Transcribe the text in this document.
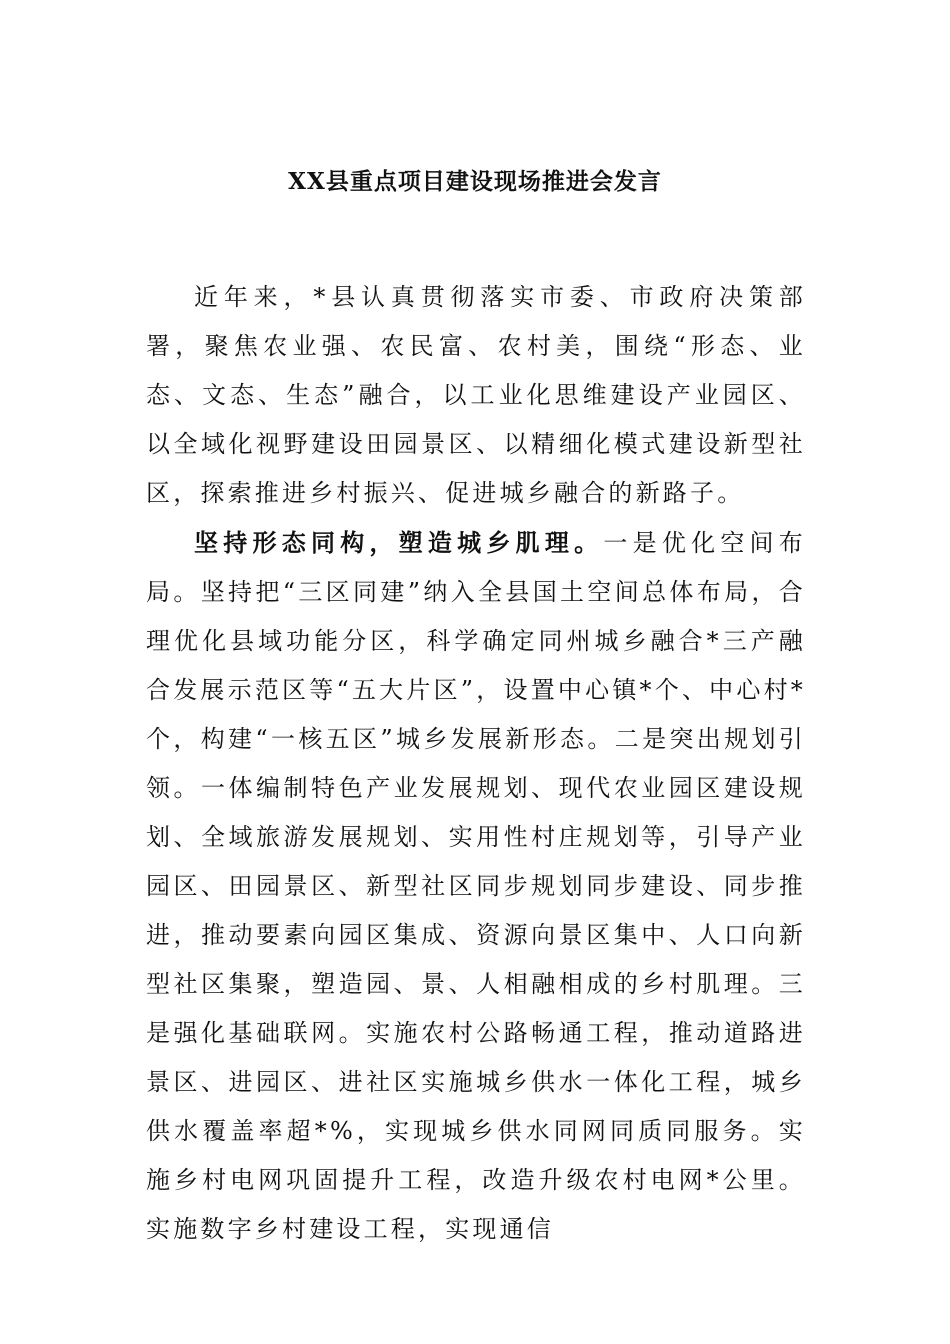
XX县重点项目建设现场推进会发言

近年来，*县认真贯彻落实市委、市政府决策部署，聚焦农业强、农民富、农村美，围绕“形态、业态、文态、生态”融合，以工业化思维建设产业园区、以全域化视野建设田园景区、以精细化模式建设新型社区，探索推进乡村振兴、促进城乡融合的新路子。

坚持形态同构，塑造城乡肌理。一是优化空间布局。坚持把“三区同建”纳入全县国土空间总体布局，合理优化县域功能分区，科学确定同州城乡融合*三产融合发展示范区等“五大片区”，设置中心镇*个、中心村*个，构建“一核五区”城乡发展新形态。二是突出规划引领。一体编制特色产业发展规划、现代农业园区建设规划、全域旅游发展规划、实用性村庄规划等，引导产业园区、田园景区、新型社区同步规划同步建设、同步推进，推动要素向园区集成、资源向景区集中、人口向新型社区集聚，塑造园、景、人相融相成的乡村肌理。三是强化基础联网。实施农村公路畅通工程，推动道路进景区、进园区、进社区实施城乡供水一体化工程，城乡供水覆盖率超*%，实现城乡供水同网同质同服务。实施乡村电网巩固提升工程，改造升级农村电网*公里。实施数字乡村建设工程，实现通信
